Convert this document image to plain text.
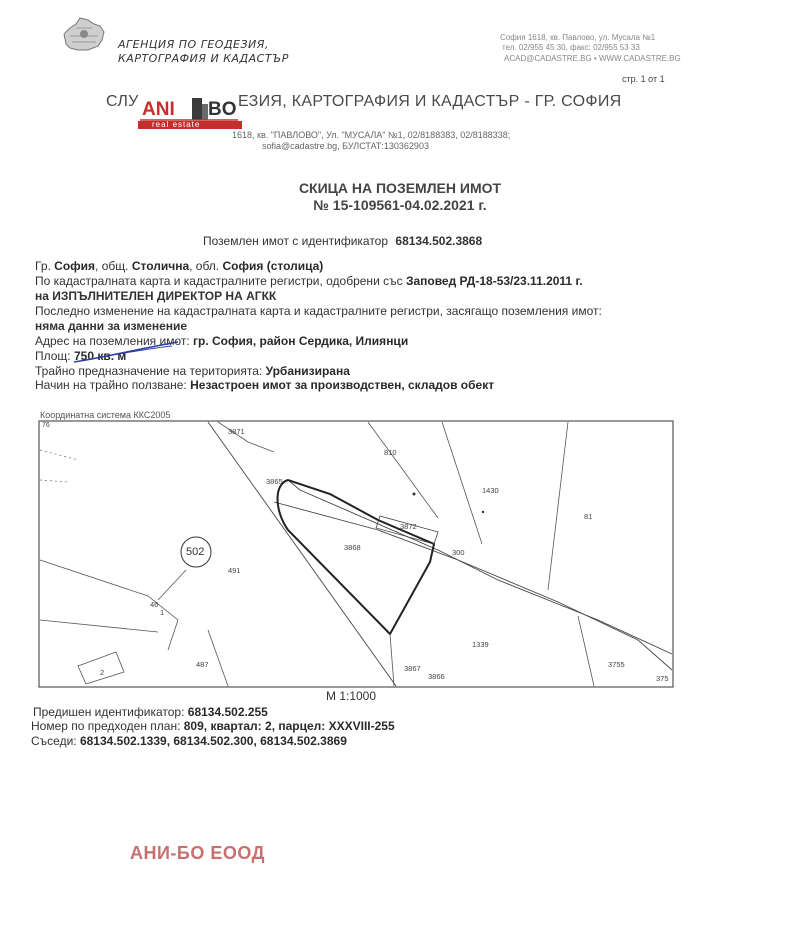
АГЕНЦИЯ ПО ГЕОДЕЗИЯ,
КАРТОГРАФИЯ И КАДАСТЪР
София 1618, кв. Павлово, ул. Мусала №1
тел. 02/955 45 30, факс: 02/955 53 33
ACAD@CADASTRE.BG • WWW.CADASTRE.BG
стр. 1 от 1
СЛУ	ЕЗИЯ, КАРТОГРАФИЯ И КАДАСТЪР - ГР. СОФИЯ
ANI BO
real estate
1618, кв. "ПАВЛОВО", Ул. "МУСАЛА" №1, 02/8188383, 02/8188338;
sofia@cadastre.bg, БУЛСТАТ:130362903
СКИЦА НА ПОЗЕМЛЕН ИМОТ
№ 15-109561-04.02.2021 г.
Поземлен имот с идентификатор 68134.502.3868
Гр. София, общ. Столична, обл. София (столица)
По кадастралната карта и кадастралните регистри, одобрени със Заповед РД-18-53/23.11.2011 г.
на ИЗПЪЛНИТЕЛЕН ДИРЕКТОР НА АГКК
Последно изменение на кадастралната карта и кадастралните регистри, засягащо поземления имот:
няма данни за изменение
Адрес на поземления имот: гр. София, район Сердика, Илиянци
Площ: 750 кв. м
Трайно предназначение на територията: Урбанизирана
Начин на трайно ползване: Незастроен имот за производствен, складов обект
Координатна система ККС2005
502
3871
810
1430
81
3865
3872
3868
300
491
46
1
1339
487
2	3867
3866
3755
375
76
М 1:1000
Предишен идентификатор: 68134.502.255
Номер по предходен план: 809, квартал: 2, парцел: XXXVIII-255
Съседи: 68134.502.1339, 68134.502.300, 68134.502.3869
АНИ-БО ЕООД
